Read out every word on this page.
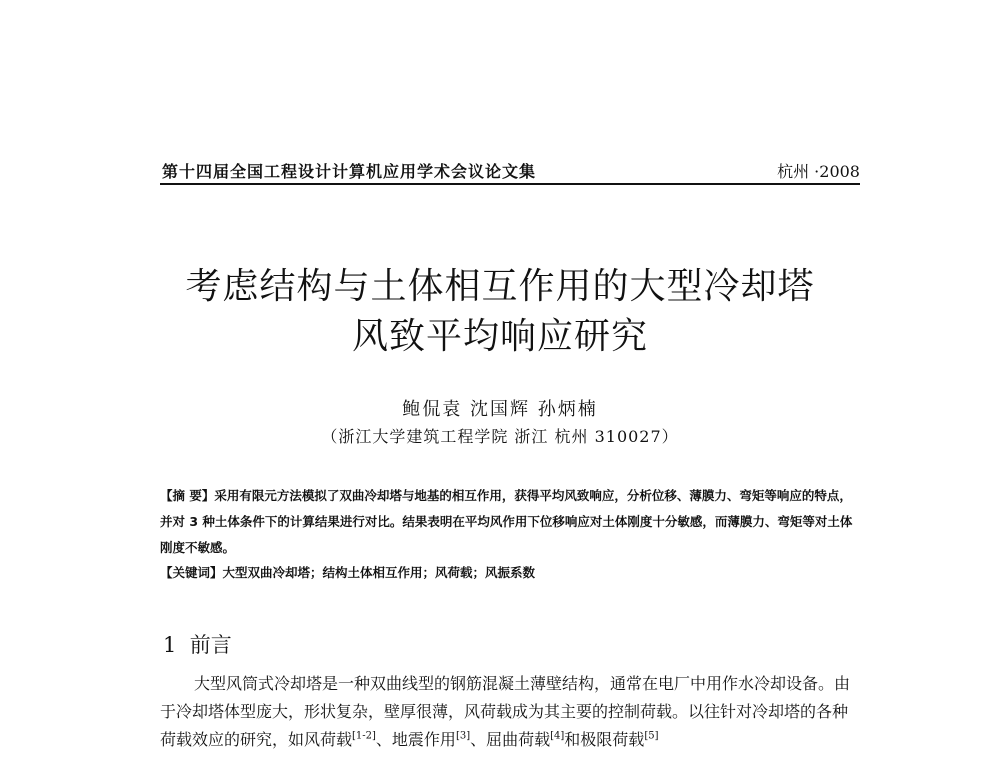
第十四届全国工程设计计算机应用学术会议论文集	杭州 ·2008
考虑结构与土体相互作用的大型冷却塔
风致平均响应研究
鲍侃袁 沈国辉 孙炳楠
（浙江大学建筑工程学院 浙江 杭州 310027）
【摘 要】采用有限元方法模拟了双曲冷却塔与地基的相互作用，获得平均风致响应，分析位移、薄膜力、弯矩等响应的特点，并对 3 种土体条件下的计算结果进行对比。结果表明在平均风作用下位移响应对土体刚度十分敏感，而薄膜力、弯矩等对土体刚度不敏感。
【关键词】大型双曲冷却塔；结构土体相互作用；风荷载；风振系数
1 前言
大型风筒式冷却塔是一种双曲线型的钢筋混凝土薄壁结构，通常在电厂中用作水冷却设备。由于冷却塔体型庞大，形状复杂，壁厚很薄，风荷载成为其主要的控制荷载。以往针对冷却塔的各种荷载效应的研究，如风荷载[1-2]、地震作用[3]、屈曲荷载[4]和极限荷载[5]
